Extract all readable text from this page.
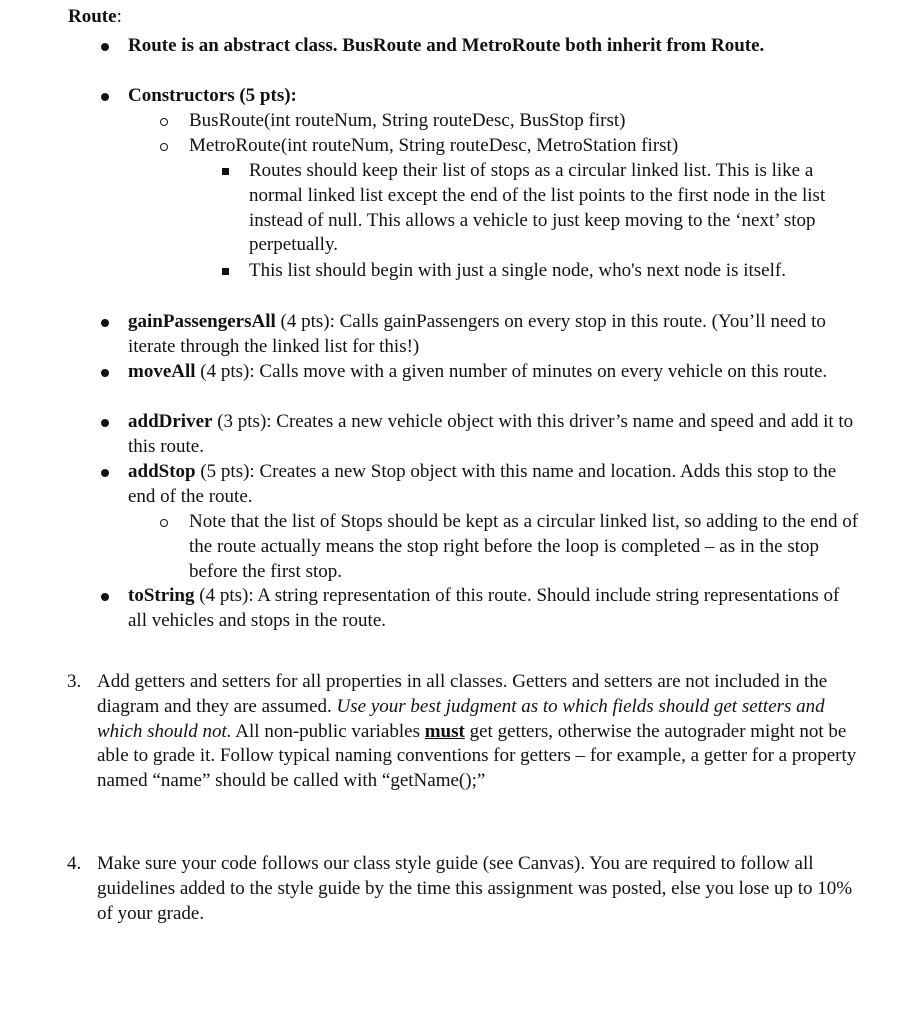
Route:
Route is an abstract class. BusRoute and MetroRoute both inherit from Route.
Constructors (5 pts):
BusRoute(int routeNum, String routeDesc, BusStop first)
MetroRoute(int routeNum, String routeDesc, MetroStation first)
Routes should keep their list of stops as a circular linked list. This is like a normal linked list except the end of the list points to the first node in the list instead of null. This allows a vehicle to just keep moving to the ‘next’ stop perpetually.
This list should begin with just a single node, who's next node is itself.
gainPassengersAll (4 pts): Calls gainPassengers on every stop in this route. (You’ll need to iterate through the linked list for this!)
moveAll (4 pts): Calls move with a given number of minutes on every vehicle on this route.
addDriver (3 pts): Creates a new vehicle object with this driver’s name and speed and add it to this route.
addStop (5 pts): Creates a new Stop object with this name and location. Adds this stop to the end of the route.
Note that the list of Stops should be kept as a circular linked list, so adding to the end of the route actually means the stop right before the loop is completed – as in the stop before the first stop.
toString (4 pts): A string representation of this route. Should include string representations of all vehicles and stops in the route.
3. Add getters and setters for all properties in all classes. Getters and setters are not included in the diagram and they are assumed. Use your best judgment as to which fields should get setters and which should not. All non-public variables must get getters, otherwise the autograder might not be able to grade it. Follow typical naming conventions for getters – for example, a getter for a property named “name” should be called with “getName();”
4. Make sure your code follows our class style guide (see Canvas). You are required to follow all guidelines added to the style guide by the time this assignment was posted, else you lose up to 10% of your grade.
